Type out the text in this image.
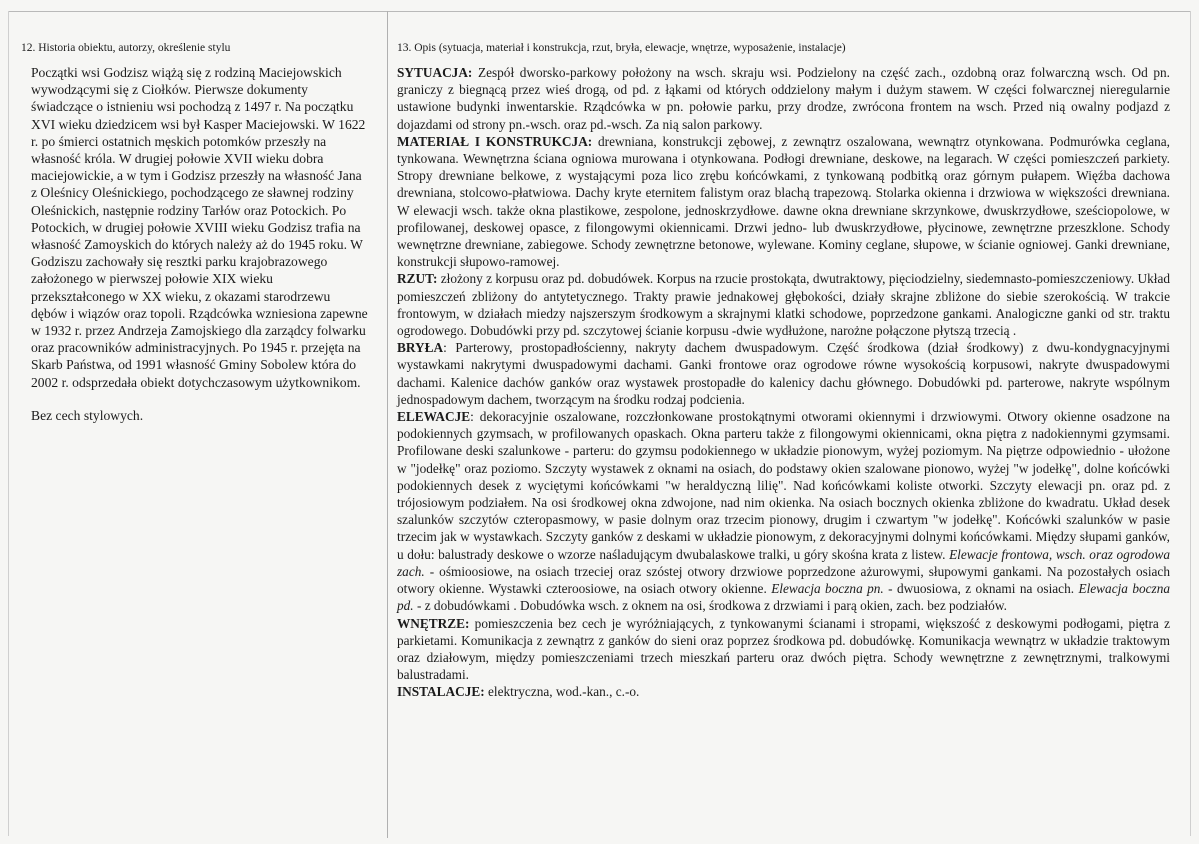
12. Historia obiektu, autorzy, określenie stylu	13. Opis (sytuacja, materiał i konstrukcja, rzut, bryła, elewacje, wnętrze, wyposażenie, instalacje)

Początki wsi Godzisz wiążą się z rodziną Maciejowskich wywodzącymi się z Ciołków. Pierwsze dokumenty świadczące o istnieniu wsi pochodzą z 1497 r. Na początku XVI wieku dziedzicem wsi był Kasper Maciejowski. W 1622 r. po śmierci ostatnich męskich potomków przeszły na własność króla. W drugiej połowie XVII wieku dobra maciejowickie, a w tym i Godzisz przeszły na własność Jana z Oleśnicy Oleśnickiego, pochodzącego ze sławnej rodziny Oleśnickich, następnie rodziny Tarłów oraz Potockich. Po Potockich, w drugiej połowie XVIII wieku Godzisz trafia na własność Zamoyskich do których należy aż do 1945 roku. W Godziszu zachowały się resztki parku krajobrazowego założonego w pierwszej połowie XIX wieku przekształconego w XX wieku, z okazami starodrzewu dębów i wiązów oraz topoli. Rządcówka wzniesiona zapewne w 1932 r. przez Andrzeja Zamojskiego dla zarządcy folwarku oraz pracowników administracyjnych. Po 1945 r. przejęta na Skarb Państwa, od 1991 własność Gminy Sobolew która do 2002 r. odsprzedała obiekt dotychczasowym użytkownikom.

Bez cech stylowych.

SYTUACJA: Zespół dworsko-parkowy położony na wsch. skraju wsi. Podzielony na część zach., ozdobną oraz folwarczną wsch. Od pn. graniczy z biegnącą przez wieś drogą, od pd. z łąkami od których oddzielony małym i dużym stawem. W części folwarcznej nieregularnie ustawione budynki inwentarskie. Rządcówka w pn. połowie parku, przy drodze, zwrócona frontem na wsch. Przed nią owalny podjazd z dojazdami od strony pn.-wsch. oraz pd.-wsch. Za nią salon parkowy.

MATERIAŁ I KONSTRUKCJA: drewniana, konstrukcji zębowej, z zewnątrz oszalowana, wewnątrz otynkowana. Podmurówka ceglana, tynkowana. Wewnętrzna ściana ogniowa murowana i otynkowana. Podłogi drewniane, deskowe, na legarach. W części pomieszczeń parkiety. Stropy drewniane belkowe, z wystającymi poza lico zrębu końcówkami, z tynkowaną podbitką oraz górnym pułapem. Więźba dachowa drewniana, stolcowo-płatwiowa. Dachy kryte eternitem falistym oraz blachą trapezową. Stolarka okienna i drzwiowa w większości drewniana. W elewacji wsch. także okna plastikowe, zespolone, jednoskrzydłowe. dawne okna drewniane skrzynkowe, dwuskrzydłowe, sześciopolowe, w profilowanej, deskowej opasce, z filongowymi okiennicami. Drzwi jedno- lub dwuskrzydłowe, płycinowe, zewnętrzne przeszklone. Schody wewnętrzne drewniane, zabiegowe. Schody zewnętrzne betonowe, wylewane. Kominy ceglane, słupowe, w ścianie ogniowej. Ganki drewniane, konstrukcji słupowo-ramowej.

RZUT: złożony z korpusu oraz pd. dobudówek. Korpus na rzucie prostokąta, dwutraktowy, pięciodzielny, siedemnasto-pomieszczeniowy. Układ pomieszczeń zbliżony do antytetycznego. Trakty prawie jednakowej głębokości, działy skrajne zbliżone do siebie szerokością. W trakcie frontowym, w działach miedzy najszerszym środkowym a skrajnymi klatki schodowe, poprzedzone gankami. Analogiczne ganki od str. traktu ogrodowego. Dobudówki przy pd. szczytowej ścianie korpusu -dwie wydłużone, narożne połączone płytszą trzecią .

BRYŁA: Parterowy, prostopadłościenny, nakryty dachem dwuspadowym. Część środkowa (dział środkowy) z dwu-kondygnacyjnymi wystawkami nakrytymi dwuspadowymi dachami. Ganki frontowe oraz ogrodowe równe wysokością korpusowi, nakryte dwuspadowymi dachami. Kalenice dachów ganków oraz wystawek prostopadłe do kalenicy dachu głównego. Dobudówki pd. parterowe, nakryte wspólnym jednospadowym dachem, tworzącym na środku rodzaj podcienia.

ELEWACJE: dekoracyjnie oszalowane, rozczłonkowane prostokątnymi otworami okiennymi i drzwiowymi. Otwory okienne osadzone na podokiennych gzymsach, w profilowanych opaskach. Okna parteru także z filongowymi okiennicami, okna piętra z nadokiennymi gzymsami. Profilowane deski szalunkowe - parteru: do gzymsu podokiennego w układzie pionowym, wyżej poziomym. Na piętrze odpowiednio - ułożone w "jodełkę" oraz poziomo. Szczyty wystawek z oknami na osiach, do podstawy okien szalowane pionowo, wyżej "w jodełkę", dolne końcówki podokiennych desek z wyciętymi końcówkami "w heraldyczną lilię". Nad końcówkami koliste otworki. Szczyty elewacji pn. oraz pd. z trójosiowym podziałem. Na osi środkowej okna zdwojone, nad nim okienka. Na osiach bocznych okienka zbliżone do kwadratu. Układ desek szalunków szczytów czteropasmowy, w pasie dolnym oraz trzecim pionowy, drugim i czwartym "w jodełkę". Końcówki szalunków w pasie trzecim jak w wystawkach. Szczyty ganków z deskami w układzie pionowym, z dekoracyjnymi dolnymi końcówkami. Między słupami ganków, u dołu: balustrady deskowe o wzorze naśladującym dwubalaskowe tralki, u góry skośna krata z listew. Elewacje frontowa, wsch. oraz ogrodowa zach. - ośmioosiowe, na osiach trzeciej oraz szóstej otwory drzwiowe poprzedzone ażurowymi, słupowymi gankami. Na pozostałych osiach otwory okienne. Wystawki czteroosiowe, na osiach otwory okienne. Elewacja boczna pn. - dwuosiowa, z oknami na osiach. Elewacja boczna pd. - z dobudówkami . Dobudówka wsch. z oknem na osi, środkowa z drzwiami i parą okien, zach. bez podziałów.

WNĘTRZE: pomieszczenia bez cech je wyróżniających, z tynkowanymi ścianami i stropami, większość z deskowymi podłogami, piętra z parkietami. Komunikacja z zewnątrz z ganków do sieni oraz poprzez środkowa pd. dobudówkę. Komunikacja wewnątrz w układzie traktowym oraz działowym, między pomieszczeniami trzech mieszkań parteru oraz dwóch piętra. Schody wewnętrzne z zewnętrznymi, tralkowymi balustradami.

INSTALACJE: elektryczna, wod.-kan., c.-o.
